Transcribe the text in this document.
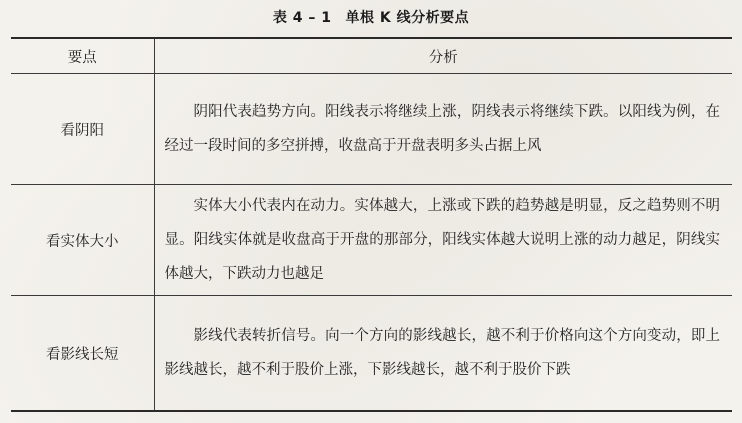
表 4 – 1 单根 K 线分析要点
要点	分析
看阴阳	阴阳代表趋势方向。阳线表示将继续上涨，阴线表示将继续下跌。以阳线为例，在经过一段时间的多空拼搏，收盘高于开盘表明多头占据上风
看实体大小	实体大小代表内在动力。实体越大，上涨或下跌的趋势越是明显，反之趋势则不明显。阳线实体就是收盘高于开盘的那部分，阳线实体越大说明上涨的动力越足，阴线实体越大，下跌动力也越足
看影线长短	影线代表转折信号。向一个方向的影线越长，越不利于价格向这个方向变动，即上影线越长，越不利于股价上涨，下影线越长，越不利于股价下跌
